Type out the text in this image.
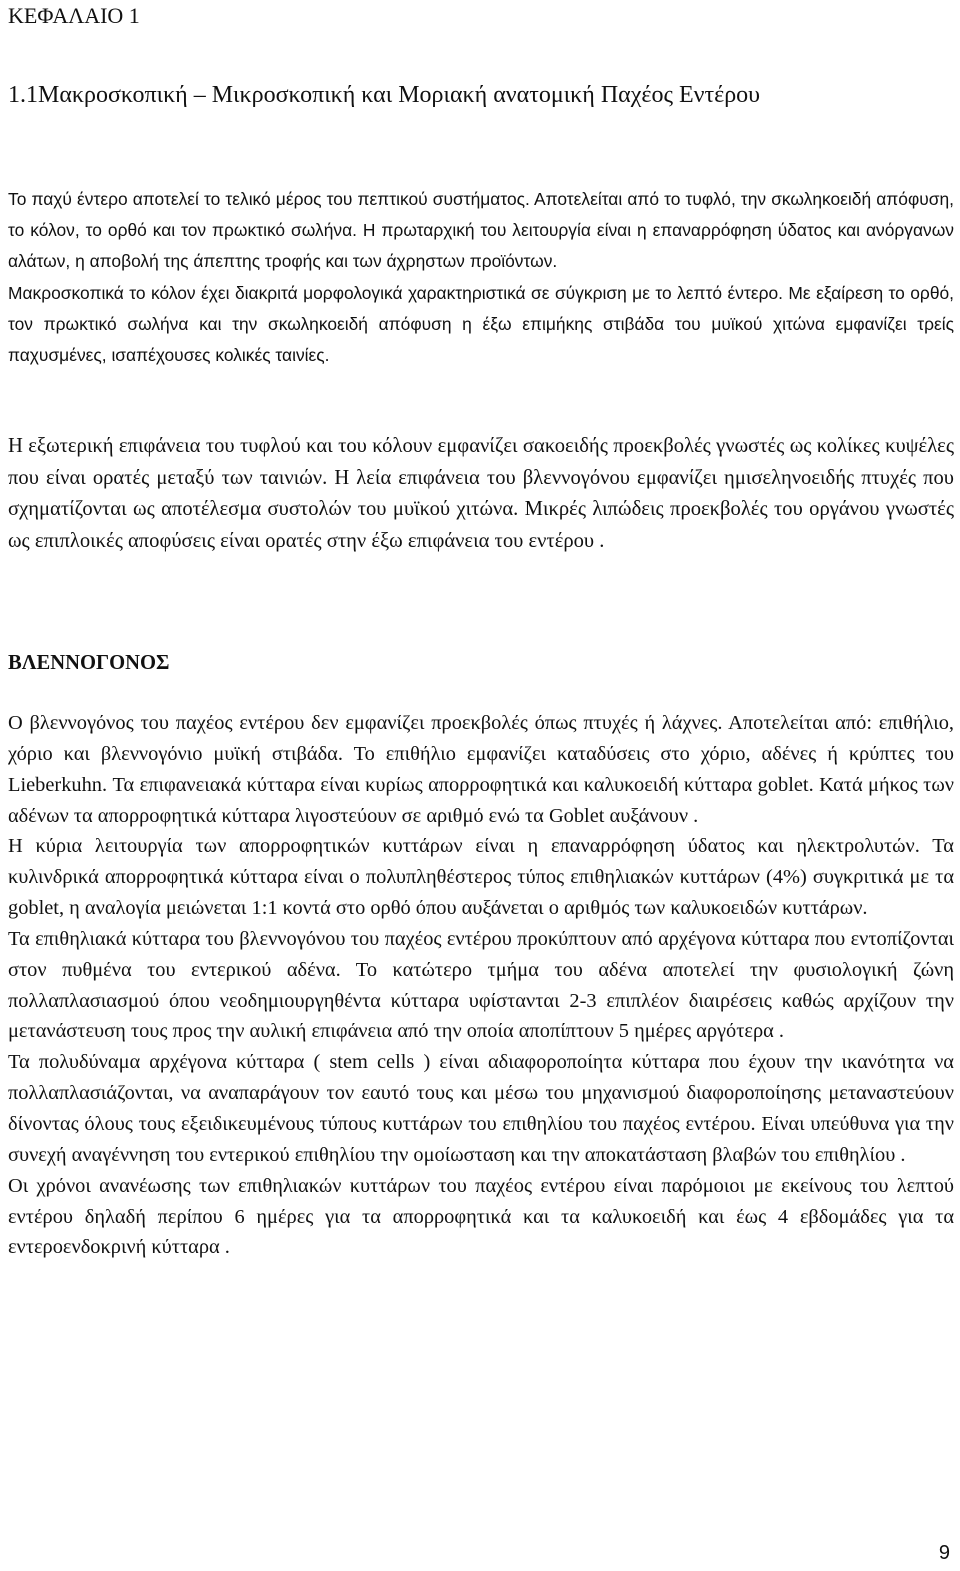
ΚΕΦΑΛΑΙΟ 1
1.1Μακροσκοπική – Μικροσκοπική και Μοριακή ανατομική Παχέος Εντέρου

Το παχύ έντερο αποτελεί το τελικό μέρος του πεπτικού συστήματος. Αποτελείται από το τυφλό, την σκωληκοειδή απόφυση, το κόλον, το ορθό και τον πρωκτικό σωλήνα. Η πρωταρχική του λειτουργία είναι η επαναρρόφηση ύδατος και ανόργανων αλάτων, η αποβολή της άπεπτης τροφής και των άχρηστων προϊόντων.

Μακροσκοπικά το κόλον έχει διακριτά μορφολογικά χαρακτηριστικά σε σύγκριση με το λεπτό έντερο. Με εξαίρεση το ορθό, τον πρωκτικό σωλήνα και την σκωληκοειδή απόφυση η έξω επιμήκης στιβάδα του μυϊκού χιτώνα εμφανίζει τρείς παχυσμένες, ισαπέχουσες κολικές ταινίες.

Η εξωτερική επιφάνεια του τυφλού και του κόλουν εμφανίζει σακοειδής προεκβολές γνωστές ως κολίκες κυψέλες που είναι ορατές μεταξύ των ταινιών. Η λεία επιφάνεια του βλεννογόνου εμφανίζει ημισεληνοειδής πτυχές που σχηματίζονται ως αποτέλεσμα συστολών του μυϊκού χιτώνα. Μικρές λιπώδεις προεκβολές του οργάνου γνωστές ως επιπλοικές αποφύσεις είναι ορατές στην έξω επιφάνεια του εντέρου .

ΒΛΕΝΝΟΓΟΝΟΣ

Ο βλεννογόνος του παχέος εντέρου δεν εμφανίζει προεκβολές όπως πτυχές ή λάχνες. Αποτελείται από: επιθήλιο, χόριο και βλεννογόνιο μυϊκή στιβάδα. Το επιθήλιο εμφανίζει καταδύσεις στο χόριο, αδένες ή κρύπτες του Lieberkuhn. Τα επιφανειακά κύτταρα είναι κυρίως απορροφητικά και καλυκοειδή κύτταρα goblet. Κατά μήκος των αδένων τα απορροφητικά κύτταρα λιγοστεύουν σε αριθμό ενώ τα Goblet αυξάνουν .

Η κύρια λειτουργία των απορροφητικών κυττάρων είναι η επαναρρόφηση ύδατος και ηλεκτρολυτών. Τα κυλινδρικά απορροφητικά κύτταρα είναι ο πολυπληθέστερος τύπος επιθηλιακών κυττάρων (4%) συγκριτικά με τα goblet, η αναλογία μειώνεται 1:1 κοντά στο ορθό όπου αυξάνεται ο αριθμός των καλυκοειδών κυττάρων.

Τα επιθηλιακά κύτταρα του βλεννογόνου του παχέος εντέρου προκύπτουν από αρχέγονα κύτταρα που εντοπίζονται στον πυθμένα του εντερικού αδένα. Το κατώτερο τμήμα του αδένα αποτελεί την φυσιολογική ζώνη πολλαπλασιασμού όπου νεοδημιουργηθέντα κύτταρα υφίστανται 2-3 επιπλέον διαιρέσεις καθώς αρχίζουν την μετανάστευση τους προς την αυλική επιφάνεια από την οποία αποπίπτουν 5 ημέρες αργότερα .

Τα πολυδύναμα αρχέγονα κύτταρα ( stem cells ) είναι αδιαφοροποίητα κύτταρα που έχουν την ικανότητα να πολλαπλασιάζονται, να αναπαράγουν τον εαυτό τους και μέσω του μηχανισμού διαφοροποίησης μεταναστεύουν δίνοντας όλους τους εξειδικευμένους τύπους κυττάρων του επιθηλίου του παχέος εντέρου. Είναι υπεύθυνα για την συνεχή αναγέννηση του εντερικού επιθηλίου την ομοίωσταση και την αποκατάσταση βλαβών του επιθηλίου .

Οι χρόνοι ανανέωσης των επιθηλιακών κυττάρων του παχέος εντέρου είναι παρόμοιοι με εκείνους του λεπτού εντέρου δηλαδή περίπου 6 ημέρες για τα απορροφητικά και τα καλυκοειδή και έως 4 εβδομάδες για τα εντεροενδοκρινή κύτταρα .

9
